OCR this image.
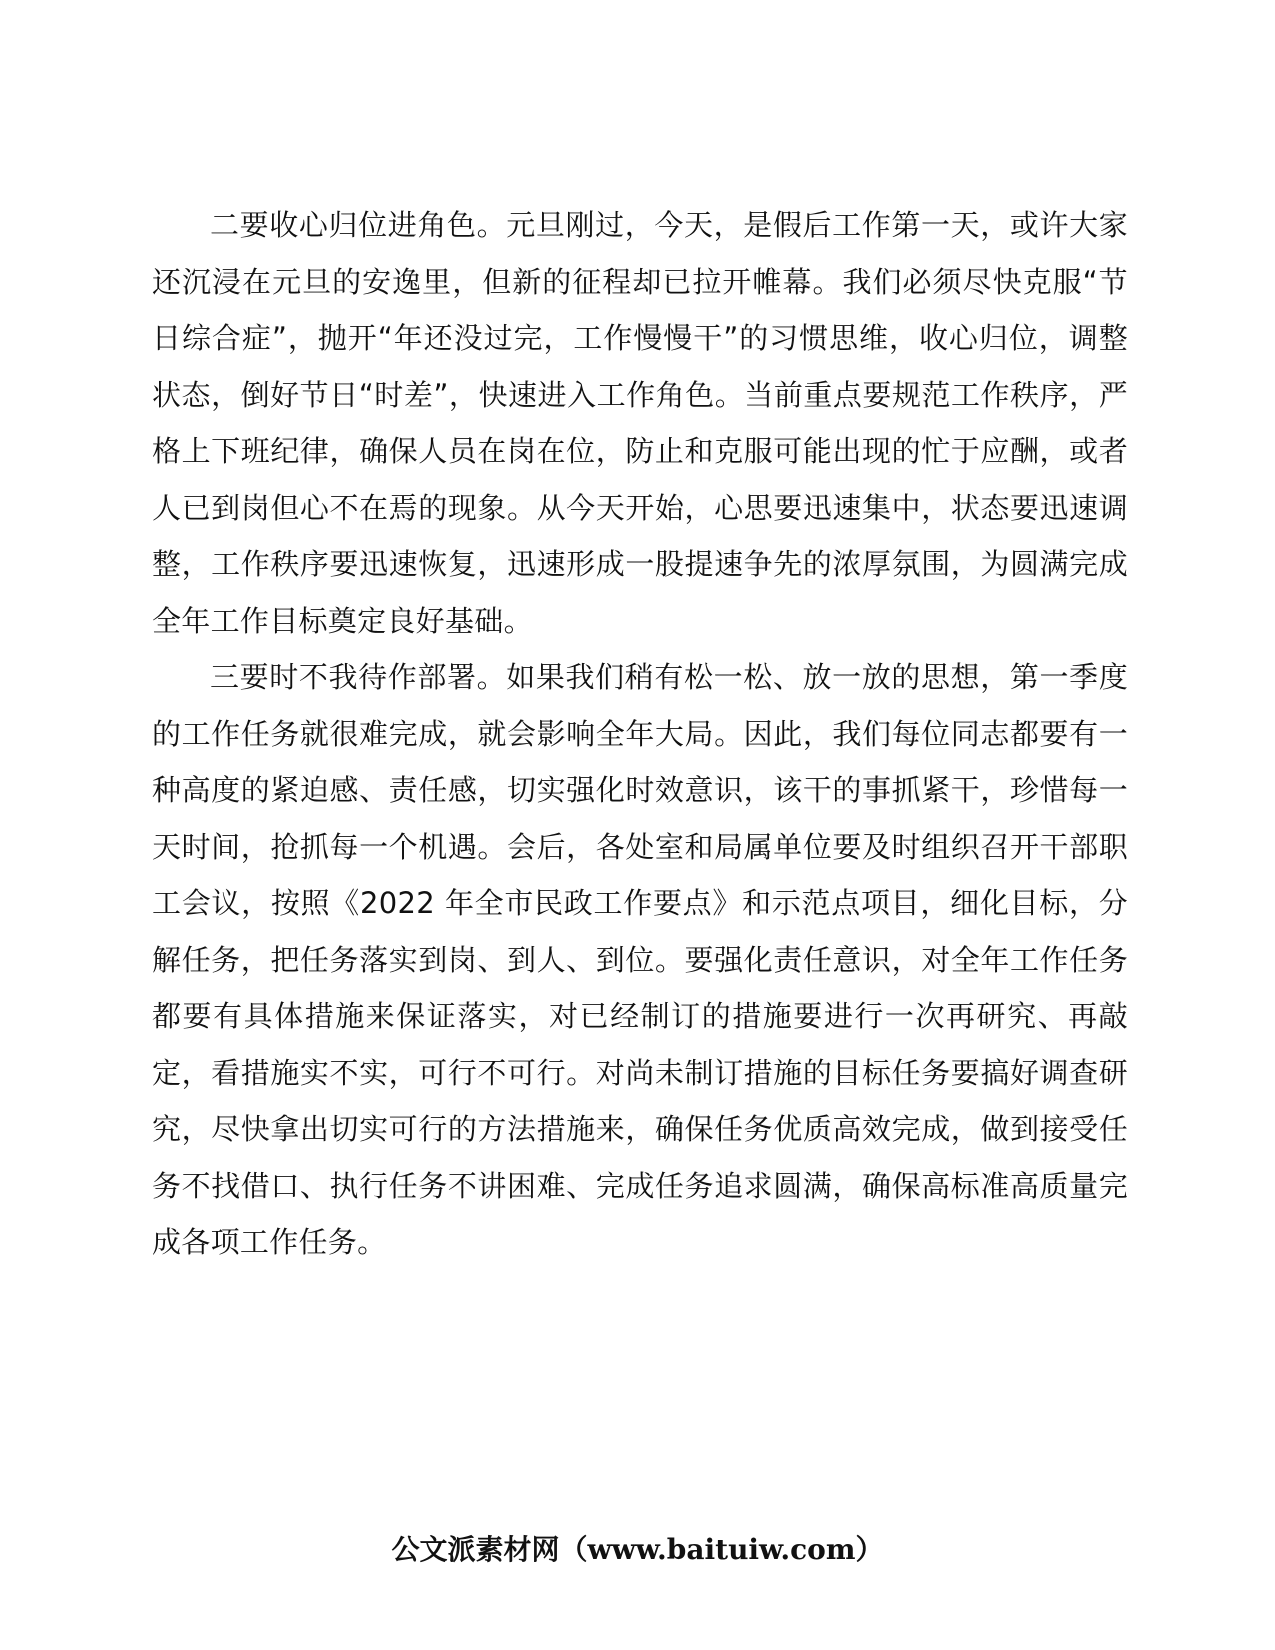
二要收心归位进角色。元旦刚过，今天，是假后工作第一天，或许大家还沉浸在元旦的安逸里，但新的征程却已拉开帷幕。我们必须尽快克服“节日综合症”，抛开“年还没过完，工作慢慢干”的习惯思维，收心归位，调整状态，倒好节日“时差”，快速进入工作角色。当前重点要规范工作秩序，严格上下班纪律，确保人员在岗在位，防止和克服可能出现的忙于应酬，或者人已到岗但心不在焉的现象。从今天开始，心思要迅速集中，状态要迅速调整，工作秩序要迅速恢复，迅速形成一股提速争先的浓厚氛围，为圆满完成全年工作目标奠定良好基础。

三要时不我待作部署。如果我们稍有松一松、放一放的思想，第一季度的工作任务就很难完成，就会影响全年大局。因此，我们每位同志都要有一种高度的紧迫感、责任感，切实强化时效意识，该干的事抓紧干，珍惜每一天时间，抢抓每一个机遇。会后，各处室和局属单位要及时组织召开干部职工会议，按照《2022 年全市民政工作要点》和示范点项目，细化目标，分解任务，把任务落实到岗、到人、到位。要强化责任意识，对全年工作任务都要有具体措施来保证落实，对已经制订的措施要进行一次再研究、再敲定，看措施实不实，可行不可行。对尚未制订措施的目标任务要搞好调查研究，尽快拿出切实可行的方法措施来，确保任务优质高效完成，做到接受任务不找借口、执行任务不讲困难、完成任务追求圆满，确保高标准高质量完成各项工作任务。

公文派素材网（www.baituiw.com）
